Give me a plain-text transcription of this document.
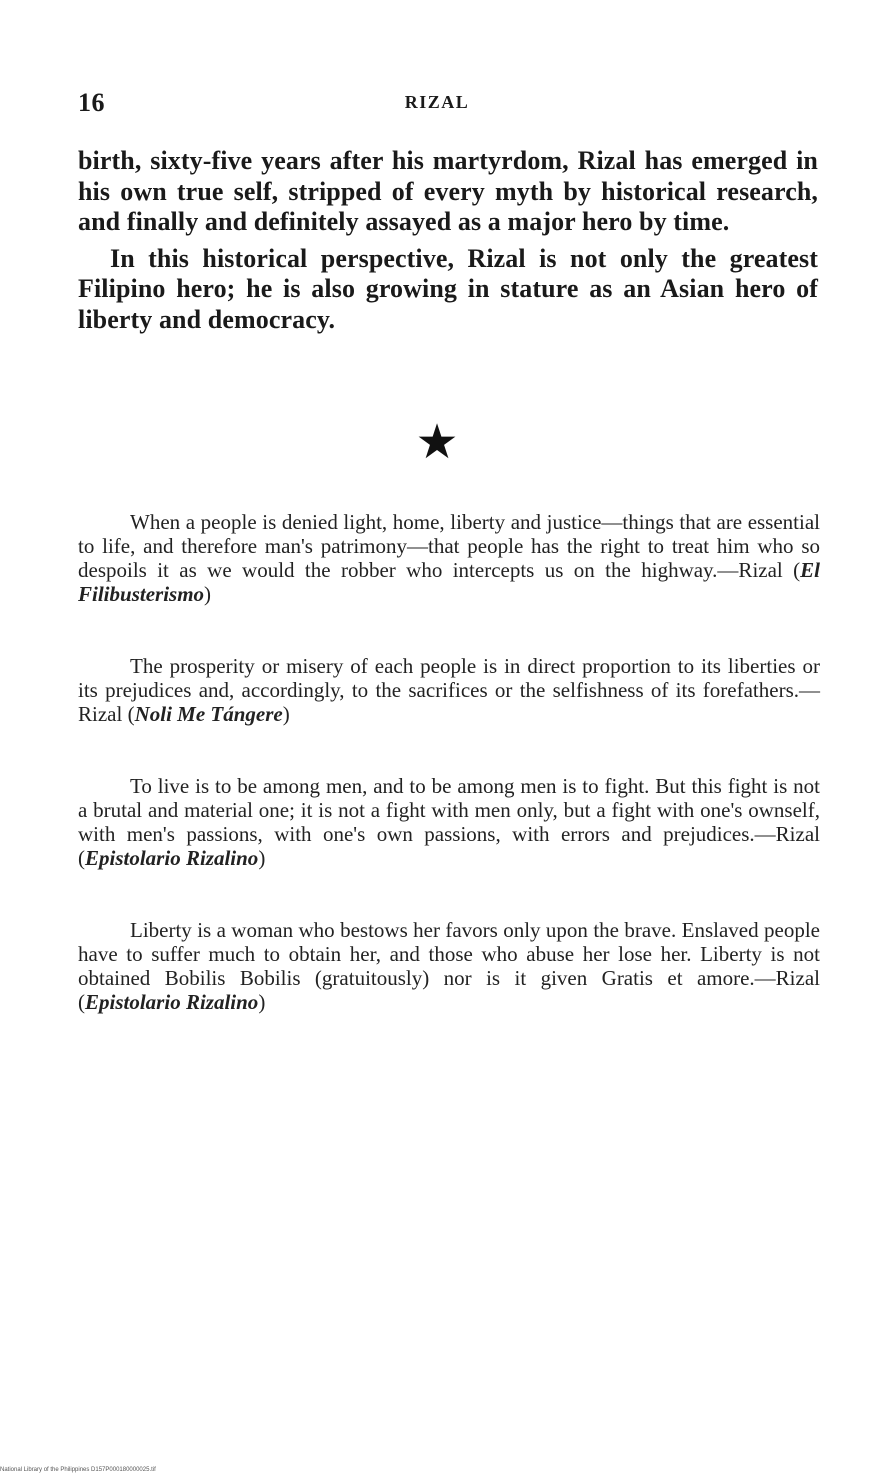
16	RIZAL

birth, sixty-five years after his martyrdom, Rizal has emerged in his own true self, stripped of every myth by historical research, and finally and definitely assayed as a major hero by time.

In this historical perspective, Rizal is not only the greatest Filipino hero; he is also growing in stature as an Asian hero of liberty and democracy.

★

When a people is denied light, home, liberty and justice—things that are essential to life, and therefore man's patrimony—that people has the right to treat him who so despoils it as we would the robber who intercepts us on the highway.—Rizal (El Filibusterismo)

The prosperity or misery of each people is in direct proportion to its liberties or its prejudices and, accordingly, to the sacrifices or the selfishness of its forefathers.—Rizal (Noli Me Tángere)

To live is to be among men, and to be among men is to fight. But this fight is not a brutal and material one; it is not a fight with men only, but a fight with one's ownself, with men's passions, with one's own passions, with errors and prejudices.—Rizal (Epistolario Rizalino)

Liberty is a woman who bestows her favors only upon the brave. Enslaved people have to suffer much to obtain her, and those who abuse her lose her. Liberty is not obtained Bobilis Bobilis (gratuitously) nor is it given Gratis et amore.—Rizal (Epistolario Rizalino)

National Library of the Philippines D157P000180000025.tif
